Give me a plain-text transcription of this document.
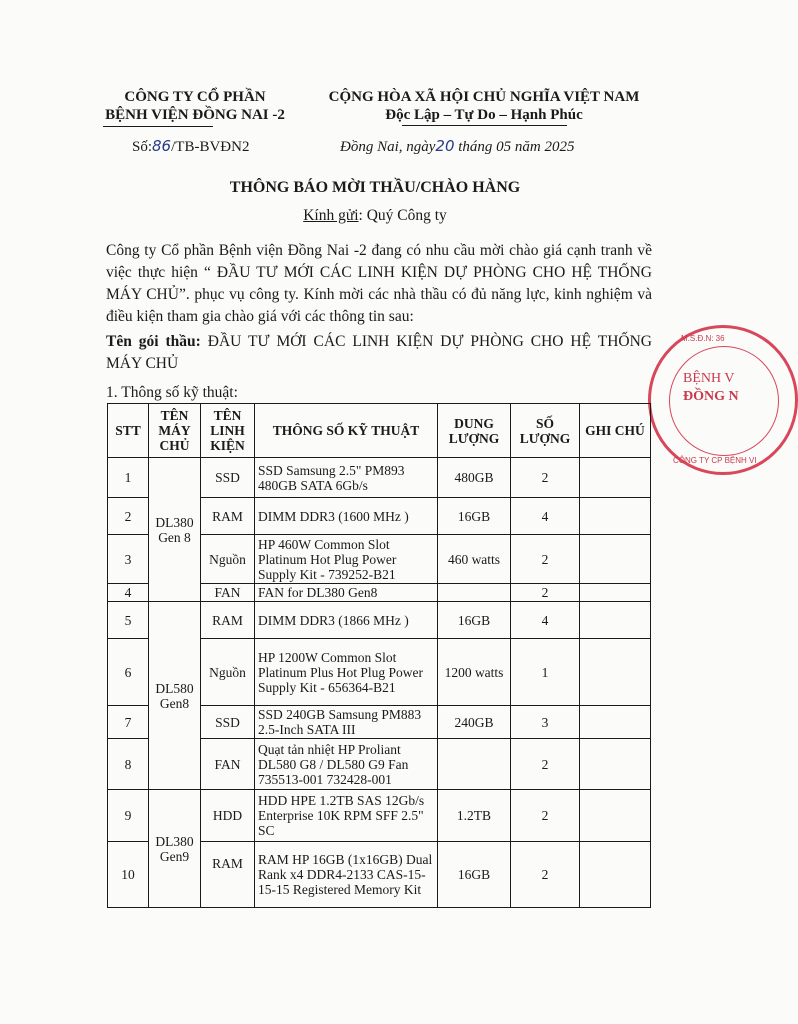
CÔNG TY CỔ PHẦN
BỆNH VIỆN ĐỒNG NAI -2
Số:86/TB-BVĐN2
CỘNG HÒA XÃ HỘI CHỦ NGHĨA VIỆT NAM
Độc Lập – Tự Do – Hạnh Phúc
Đồng Nai, ngày20 tháng 05 năm 2025
THÔNG BÁO MỜI THẦU/CHÀO HÀNG
Kính gửi: Quý Công ty
Công ty Cổ phần Bệnh viện Đồng Nai -2 đang có nhu cầu mời chào giá cạnh tranh về việc thực hiện “ ĐẦU TƯ MỚI CÁC LINH KIỆN DỰ PHÒNG CHO HỆ THỐNG MÁY CHỦ”. phục vụ công ty. Kính mời các nhà thầu có đủ năng lực, kinh nghiệm và điều kiện tham gia chào giá với các thông tin sau:
Tên gói thầu: ĐẦU TƯ MỚI CÁC LINH KIỆN DỰ PHÒNG CHO HỆ THỐNG MÁY CHỦ
1. Thông số kỹ thuật:
M.S.Đ.N: 36
BỆNH V
ĐỒNG N
CÔNG TY CP BỆNH VI
STT	TÊN MÁY CHỦ	TÊN LINH KIỆN	THÔNG SỐ KỸ THUẬT	DUNG LƯỢNG	SỐ LƯỢNG	GHI CHÚ
1	DL380 Gen 8	SSD	SSD Samsung 2.5" PM893 480GB SATA 6Gb/s	480GB	2	
2		RAM	DIMM DDR3 (1600 MHz )	16GB	4	
3		Nguồn	HP 460W Common Slot Platinum Hot Plug Power Supply Kit - 739252-B21	460 watts	2	
4		FAN	FAN for DL380 Gen8		2	
5	DL580 Gen8	RAM	DIMM DDR3 (1866 MHz )	16GB	4	
6		Nguồn	HP 1200W Common Slot Platinum Plus Hot Plug Power Supply Kit - 656364-B21	1200 watts	1	
7		SSD	SSD 240GB Samsung PM883 2.5-Inch SATA III	240GB	3	
8		FAN	Quạt tản nhiệt HP Proliant DL580 G8 / DL580 G9 Fan 735513-001 732428-001		2	
9	DL380 Gen9	HDD	HDD HPE 1.2TB SAS 12Gb/s Enterprise 10K RPM SFF 2.5" SC	1.2TB	2	
10		RAM	RAM HP 16GB (1x16GB) Dual Rank x4 DDR4-2133 CAS-15-15-15 Registered Memory Kit	16GB	2	
